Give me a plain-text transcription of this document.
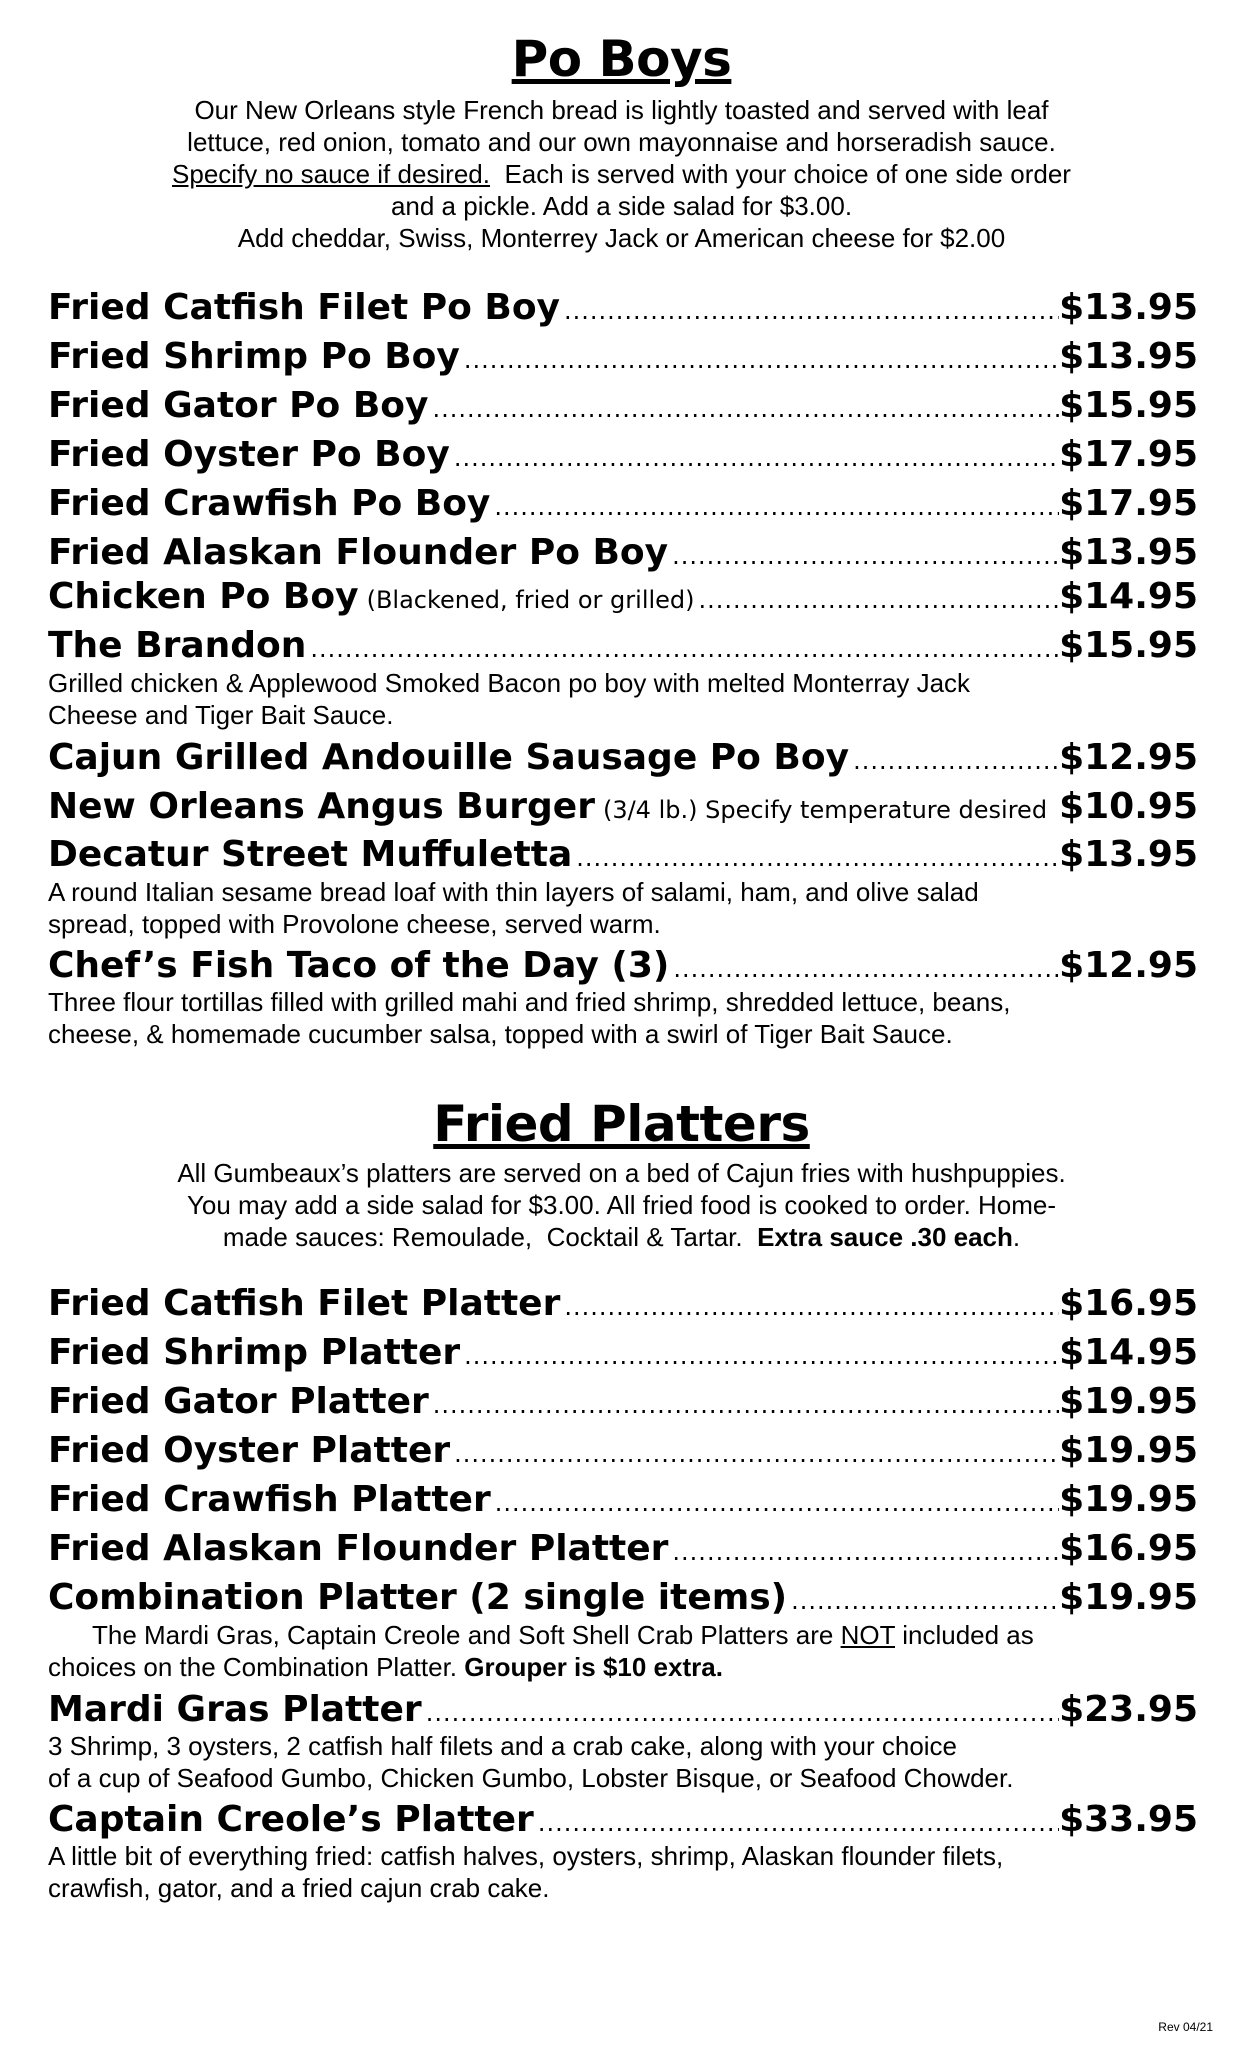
Po Boys
Our New Orleans style French bread is lightly toasted and served with leaf
lettuce, red onion, tomato and our own mayonnaise and horseradish sauce.
Specify no sauce if desired.  Each is served with your choice of one side order
and a pickle. Add a side salad for $3.00.
Add cheddar, Swiss, Monterrey Jack or American cheese for $2.00
Fried Catfish Filet Po Boy .....	$13.95
Fried Shrimp Po Boy .....	$13.95
Fried Gator Po Boy .....	$15.95
Fried Oyster Po Boy .....	$17.95
Fried Crawfish Po Boy .....	$17.95
Fried Alaskan Flounder Po Boy .....	$13.95
Chicken Po Boy (Blackened, fried or grilled) .....	$14.95
The Brandon .....	$15.95
Grilled chicken & Applewood Smoked Bacon po boy with melted Monterray Jack
Cheese and Tiger Bait Sauce.
Cajun Grilled Andouille Sausage Po Boy .....	$12.95
New Orleans Angus Burger (3/4 lb.) Specify temperature desired $10.95
Decatur Street Muffuletta .....	$13.95
A round Italian sesame bread loaf with thin layers of salami, ham, and olive salad
spread, topped with Provolone cheese, served warm.
Chef’s Fish Taco of the Day (3) .....	$12.95
Three flour tortillas filled with grilled mahi and fried shrimp, shredded lettuce, beans,
cheese, & homemade cucumber salsa, topped with a swirl of Tiger Bait Sauce.
Fried Platters
All Gumbeaux’s platters are served on a bed of Cajun fries with hushpuppies.
You may add a side salad for $3.00. All fried food is cooked to order. Home-
made sauces: Remoulade,  Cocktail & Tartar.  Extra sauce .30 each.
Fried Catfish Filet Platter .....	$16.95
Fried Shrimp Platter .....	$14.95
Fried Gator Platter .....	$19.95
Fried Oyster Platter .....	$19.95
Fried Crawfish Platter .....	$19.95
Fried Alaskan Flounder Platter .....	$16.95
Combination Platter (2 single items) .....	$19.95
The Mardi Gras, Captain Creole and Soft Shell Crab Platters are NOT included as
choices on the Combination Platter. Grouper is $10 extra.
Mardi Gras Platter .....	$23.95
3 Shrimp, 3 oysters, 2 catfish half filets and a crab cake, along with your choice
of a cup of Seafood Gumbo, Chicken Gumbo, Lobster Bisque, or Seafood Chowder.
Captain Creole’s Platter .....	$33.95
A little bit of everything fried: catfish halves, oysters, shrimp, Alaskan flounder filets,
crawfish, gator, and a fried cajun crab cake.
Rev 04/21
